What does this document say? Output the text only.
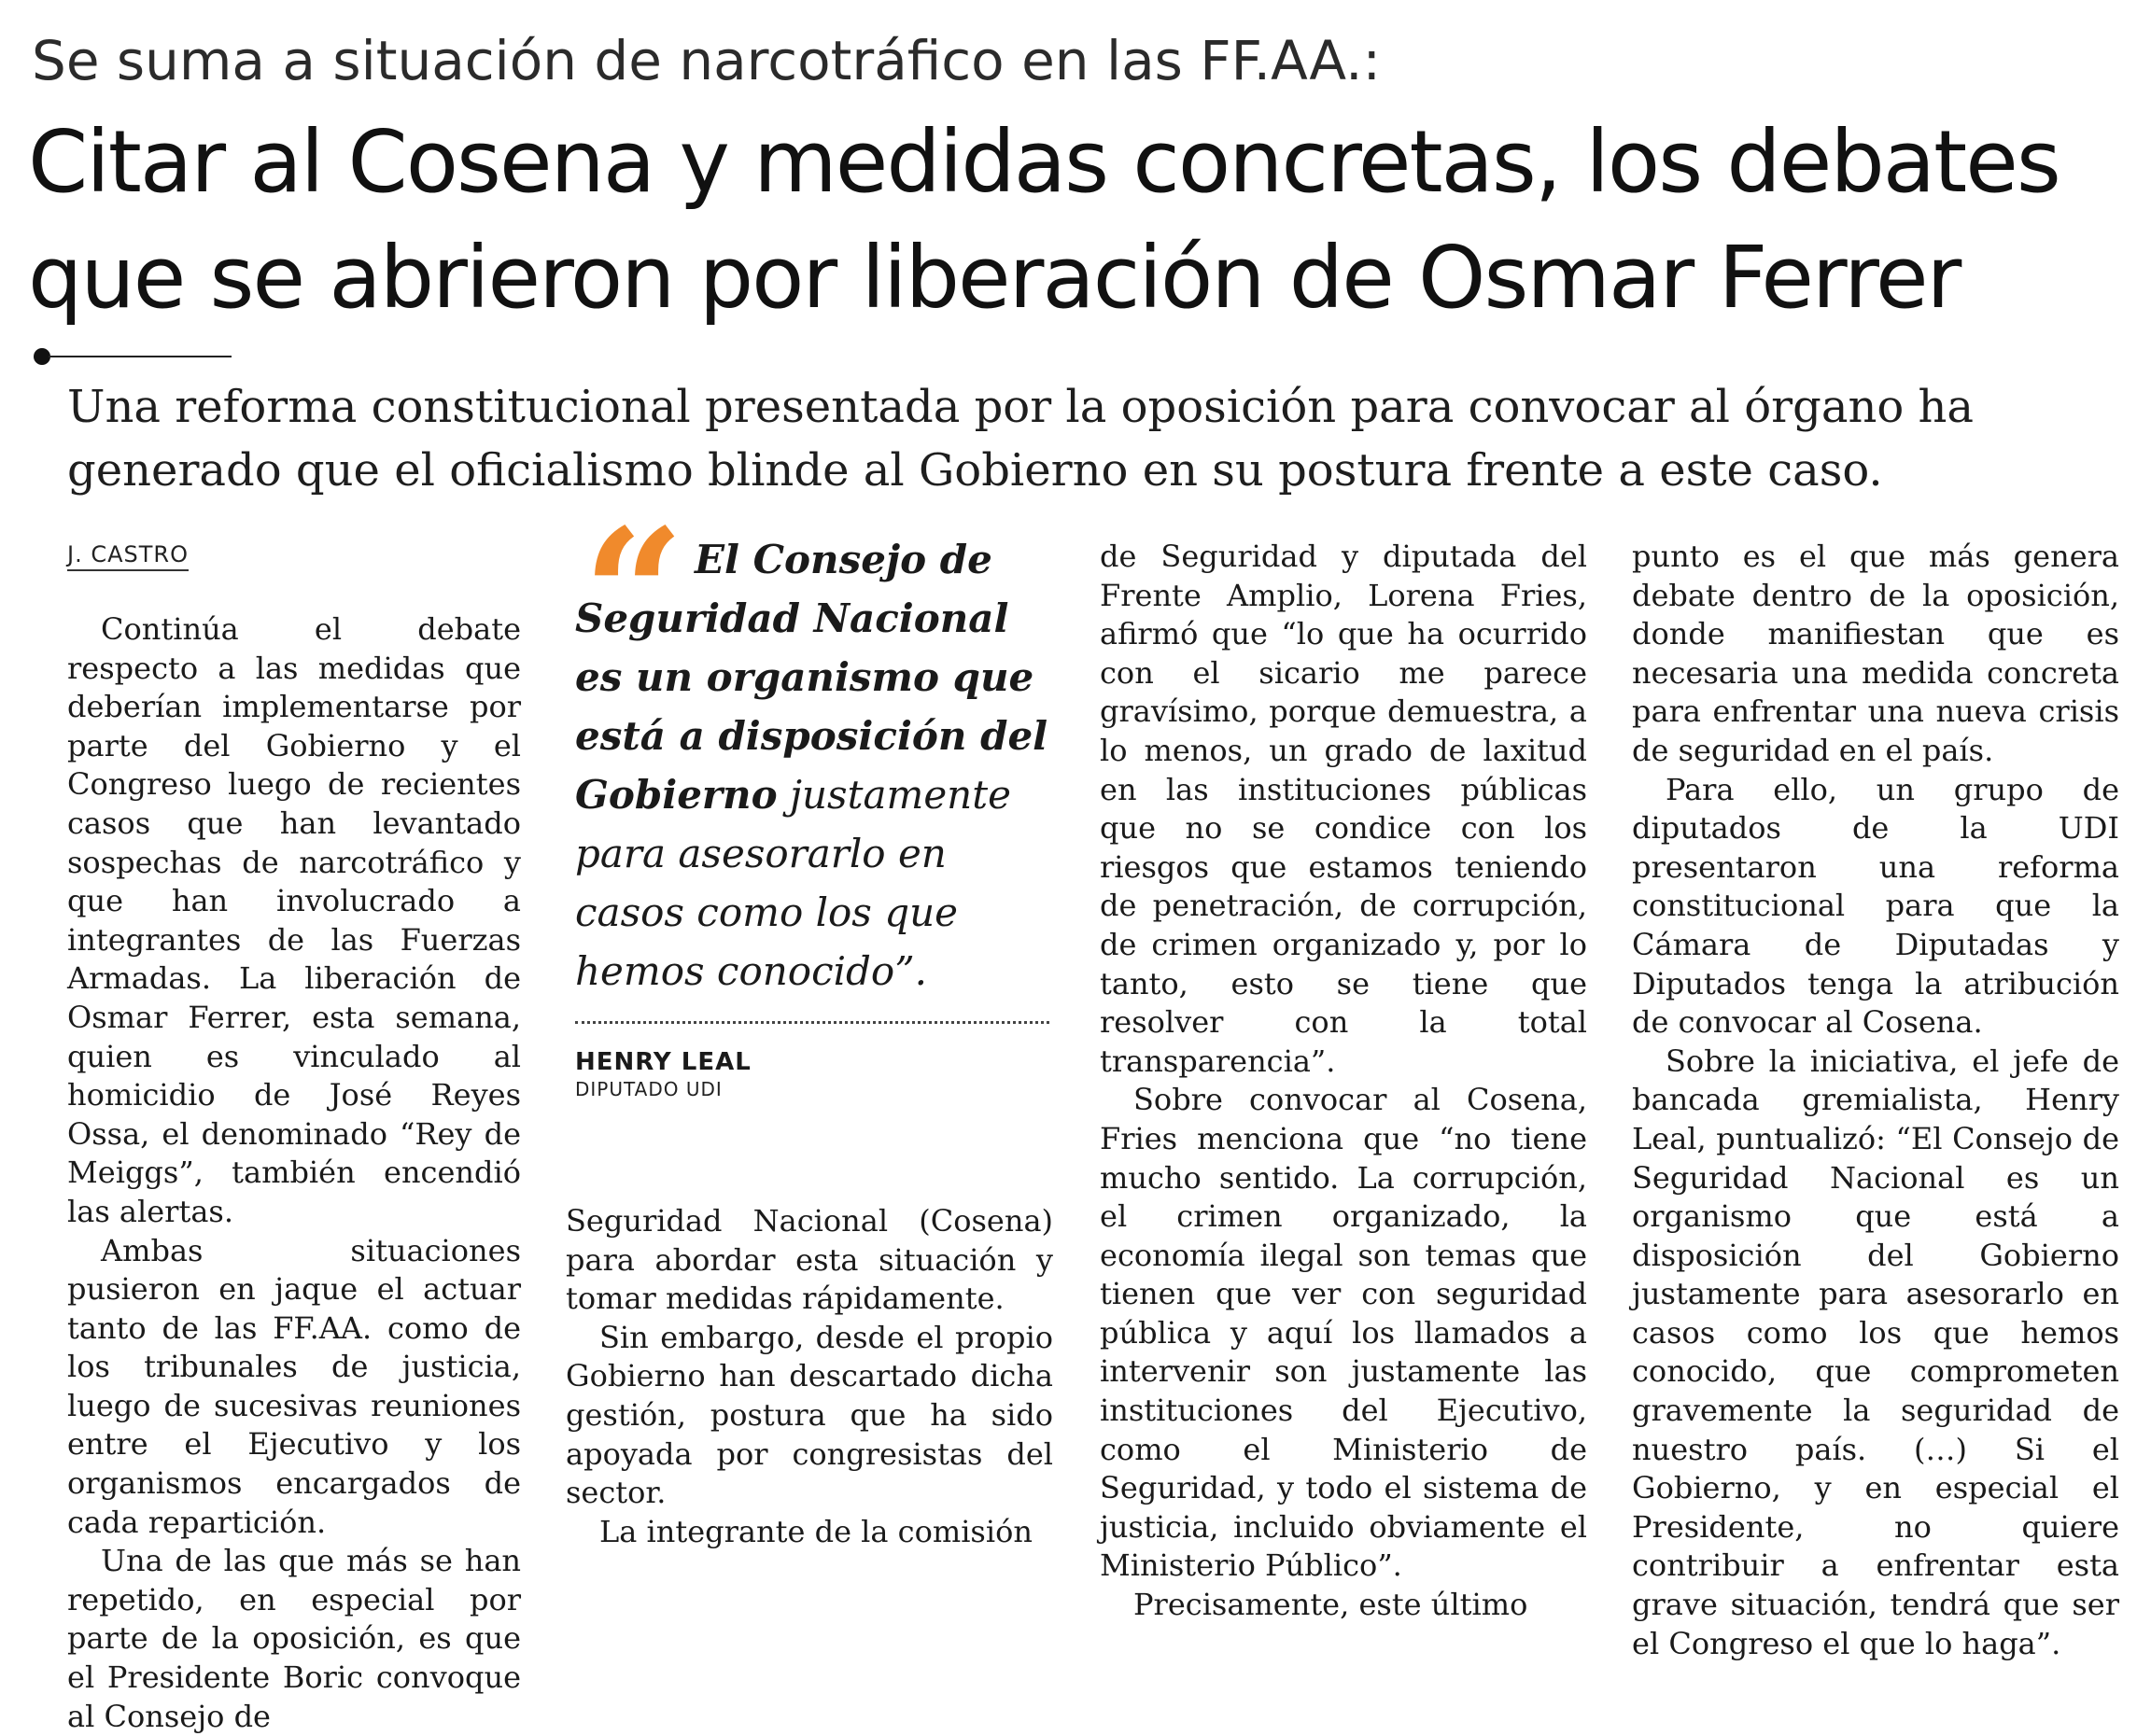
Se suma a situación de narcotráfico en las FF.AA.:
Citar al Cosena y medidas concretas, los debates que se abrieron por liberación de Osmar Ferrer

Una reforma constitucional presentada por la oposición para convocar al órgano ha generado que el oficialismo blinde al Gobierno en su postura frente a este caso.

J. CASTRO

Continúa el debate respecto a las medidas que deberían implementarse por parte del Gobierno y el Congreso luego de recientes casos que han levantado sospechas de narcotráfico y que han involucrado a integrantes de las Fuerzas Armadas. La liberación de Osmar Ferrer, esta semana, quien es vinculado al homicidio de José Reyes Ossa, el denominado “Rey de Meiggs”, también encendió las alertas.

Ambas situaciones pusieron en jaque el actuar tanto de las FF.AA. como de los tribunales de justicia, luego de sucesivas reuniones entre el Ejecutivo y los organismos encargados de cada repartición.

Una de las que más se han repetido, en especial por parte de la oposición, es que el Presidente Boric convoque al Consejo de

“ El Consejo de Seguridad Nacional es un organismo que está a disposición del Gobierno justamente para asesorarlo en casos como los que hemos conocido”.

HENRY LEAL
DIPUTADO UDI

Seguridad Nacional (Cosena) para abordar esta situación y tomar medidas rápidamente.

Sin embargo, desde el propio Gobierno han descartado dicha gestión, postura que ha sido apoyada por congresistas del sector.

La integrante de la comisión

de Seguridad y diputada del Frente Amplio, Lorena Fries, afirmó que “lo que ha ocurrido con el sicario me parece gravísimo, porque demuestra, a lo menos, un grado de laxitud en las instituciones públicas que no se condice con los riesgos que estamos teniendo de penetración, de corrupción, de crimen organizado y, por lo tanto, esto se tiene que resolver con la total transparencia”.

Sobre convocar al Cosena, Fries menciona que “no tiene mucho sentido. La corrupción, el crimen organizado, la economía ilegal son temas que tienen que ver con seguridad pública y aquí los llamados a intervenir son justamente las instituciones del Ejecutivo, como el Ministerio de Seguridad, y todo el sistema de justicia, incluido obviamente el Ministerio Público”.

Precisamente, este último

punto es el que más genera debate dentro de la oposición, donde manifiestan que es necesaria una medida concreta para enfrentar una nueva crisis de seguridad en el país.

Para ello, un grupo de diputados de la UDI presentaron una reforma constitucional para que la Cámara de Diputadas y Diputados tenga la atribución de convocar al Cosena.

Sobre la iniciativa, el jefe de bancada gremialista, Henry Leal, puntualizó: “El Consejo de Seguridad Nacional es un organismo que está a disposición del Gobierno justamente para asesorarlo en casos como los que hemos conocido, que comprometen gravemente la seguridad de nuestro país. (…) Si el Gobierno, y en especial el Presidente, no quiere contribuir a enfrentar esta grave situación, tendrá que ser el Congreso el que lo haga”.
